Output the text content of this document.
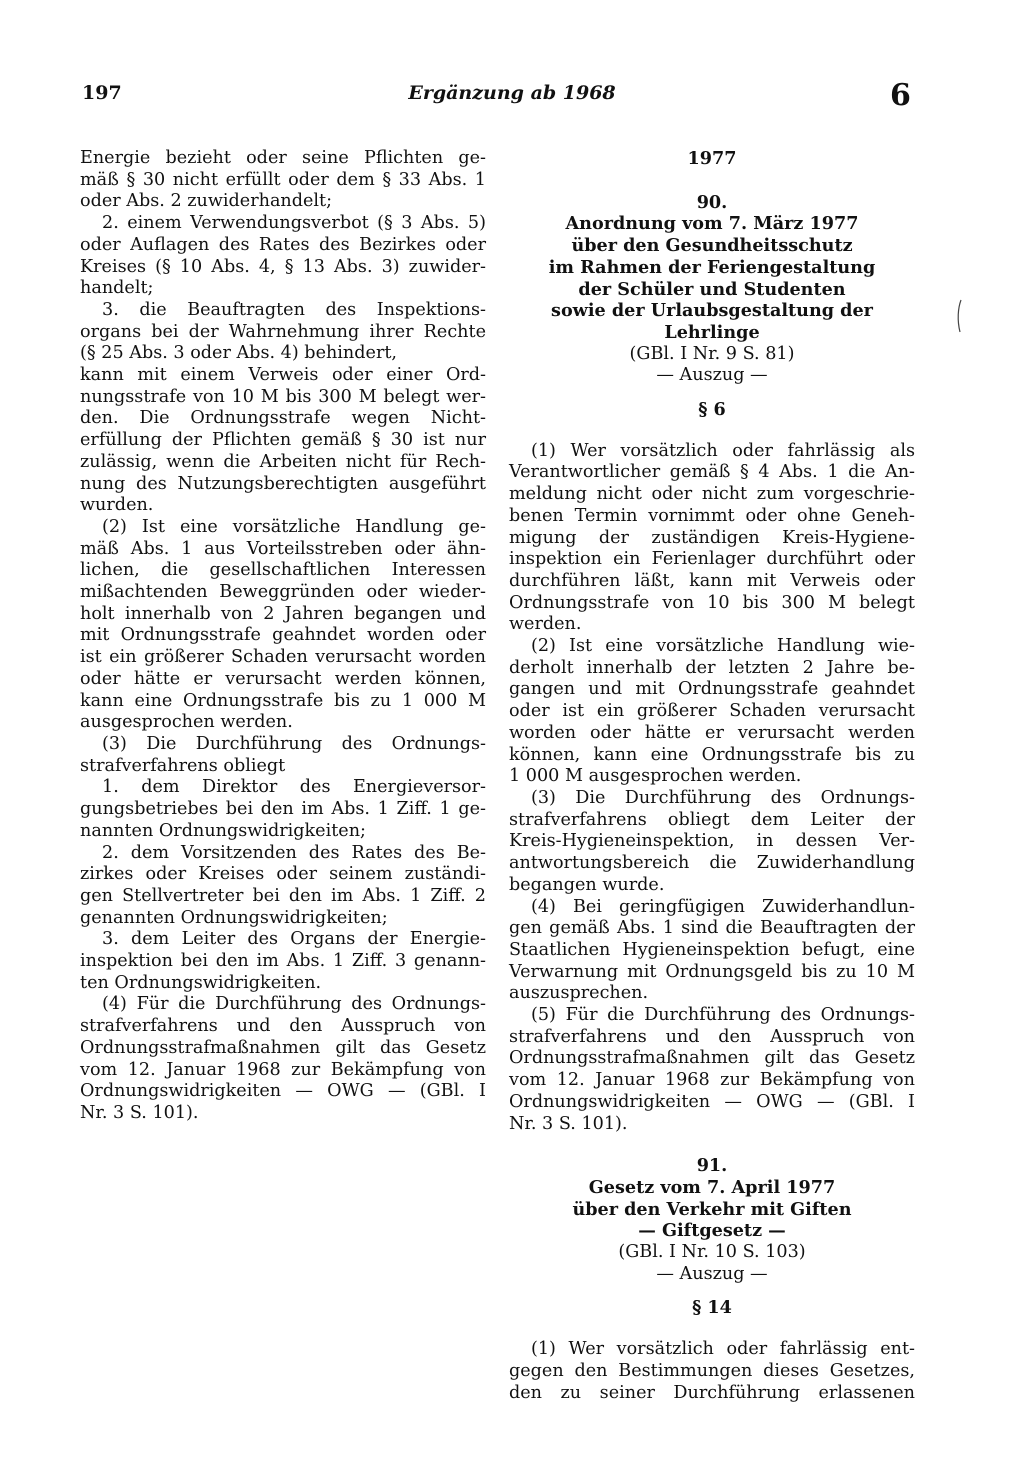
197	Ergänzung ab 1968	6

Energie bezieht oder seine Pflichten ge-

mäß § 30 nicht erfüllt oder dem § 33 Abs. 1

oder Abs. 2 zuwiderhandelt;

2. einem Verwendungsverbot (§ 3 Abs. 5)

oder Auflagen des Rates des Bezirkes oder

Kreises (§ 10 Abs. 4, § 13 Abs. 3) zuwider-

handelt;

3. die Beauftragten des Inspektions-

organs bei der Wahrnehmung ihrer Rechte

(§ 25 Abs. 3 oder Abs. 4) behindert,

kann mit einem Verweis oder einer Ord-

nungsstrafe von 10 M bis 300 M belegt wer-

den. Die Ordnungsstrafe wegen Nicht-

erfüllung der Pflichten gemäß § 30 ist nur

zulässig, wenn die Arbeiten nicht für Rech-

nung des Nutzungsberechtigten ausgeführt

wurden.

(2) Ist eine vorsätzliche Handlung ge-

mäß Abs. 1 aus Vorteilsstreben oder ähn-

lichen, die gesellschaftlichen Interessen

mißachtenden Beweggründen oder wieder-

holt innerhalb von 2 Jahren begangen und

mit Ordnungsstrafe geahndet worden oder

ist ein größerer Schaden verursacht worden

oder hätte er verursacht werden können,

kann eine Ordnungsstrafe bis zu 1 000 M

ausgesprochen werden.

(3) Die Durchführung des Ordnungs-

strafverfahrens obliegt

1. dem Direktor des Energieversor-

gungsbetriebes bei den im Abs. 1 Ziff. 1 ge-

nannten Ordnungswidrigkeiten;

2. dem Vorsitzenden des Rates des Be-

zirkes oder Kreises oder seinem zuständi-

gen Stellvertreter bei den im Abs. 1 Ziff. 2

genannten Ordnungswidrigkeiten;

3. dem Leiter des Organs der Energie-

inspektion bei den im Abs. 1 Ziff. 3 genann-

ten Ordnungswidrigkeiten.

(4) Für die Durchführung des Ordnungs-

strafverfahrens und den Ausspruch von

Ordnungsstrafmaßnahmen gilt das Gesetz

vom 12. Januar 1968 zur Bekämpfung von

Ordnungswidrigkeiten — OWG — (GBl. I

Nr. 3 S. 101).

1977

90.

Anordnung vom 7. März 1977

über den Gesundheitsschutz

im Rahmen der Feriengestaltung

der Schüler und Studenten

sowie der Urlaubsgestaltung der Lehrlinge

(GBl. I Nr. 9 S. 81)

— Auszug —

§ 6

(1) Wer vorsätzlich oder fahrlässig als

Verantwortlicher gemäß § 4 Abs. 1 die An-

meldung nicht oder nicht zum vorgeschrie-

benen Termin vornimmt oder ohne Geneh-

migung der zuständigen Kreis-Hygiene-

inspektion ein Ferienlager durchführt oder

durchführen läßt, kann mit Verweis oder

Ordnungsstrafe von 10 bis 300 M belegt

werden.

(2) Ist eine vorsätzliche Handlung wie-

derholt innerhalb der letzten 2 Jahre be-

gangen und mit Ordnungsstrafe geahndet

oder ist ein größerer Schaden verursacht

worden oder hätte er verursacht werden

können, kann eine Ordnungsstrafe bis zu

1 000 M ausgesprochen werden.

(3) Die Durchführung des Ordnungs-

strafverfahrens obliegt dem Leiter der

Kreis-Hygieneinspektion, in dessen Ver-

antwortungsbereich die Zuwiderhandlung

begangen wurde.

(4) Bei geringfügigen Zuwiderhandlun-

gen gemäß Abs. 1 sind die Beauftragten der

Staatlichen Hygieneinspektion befugt, eine

Verwarnung mit Ordnungsgeld bis zu 10 M

auszusprechen.

(5) Für die Durchführung des Ordnungs-

strafverfahrens und den Ausspruch von

Ordnungsstrafmaßnahmen gilt das Gesetz

vom 12. Januar 1968 zur Bekämpfung von

Ordnungswidrigkeiten — OWG — (GBl. I

Nr. 3 S. 101).

91.

Gesetz vom 7. April 1977

über den Verkehr mit Giften

— Giftgesetz —

(GBl. I Nr. 10 S. 103)

— Auszug —

§ 14

(1) Wer vorsätzlich oder fahrlässig ent-

gegen den Bestimmungen dieses Gesetzes,

den zu seiner Durchführung erlassenen
